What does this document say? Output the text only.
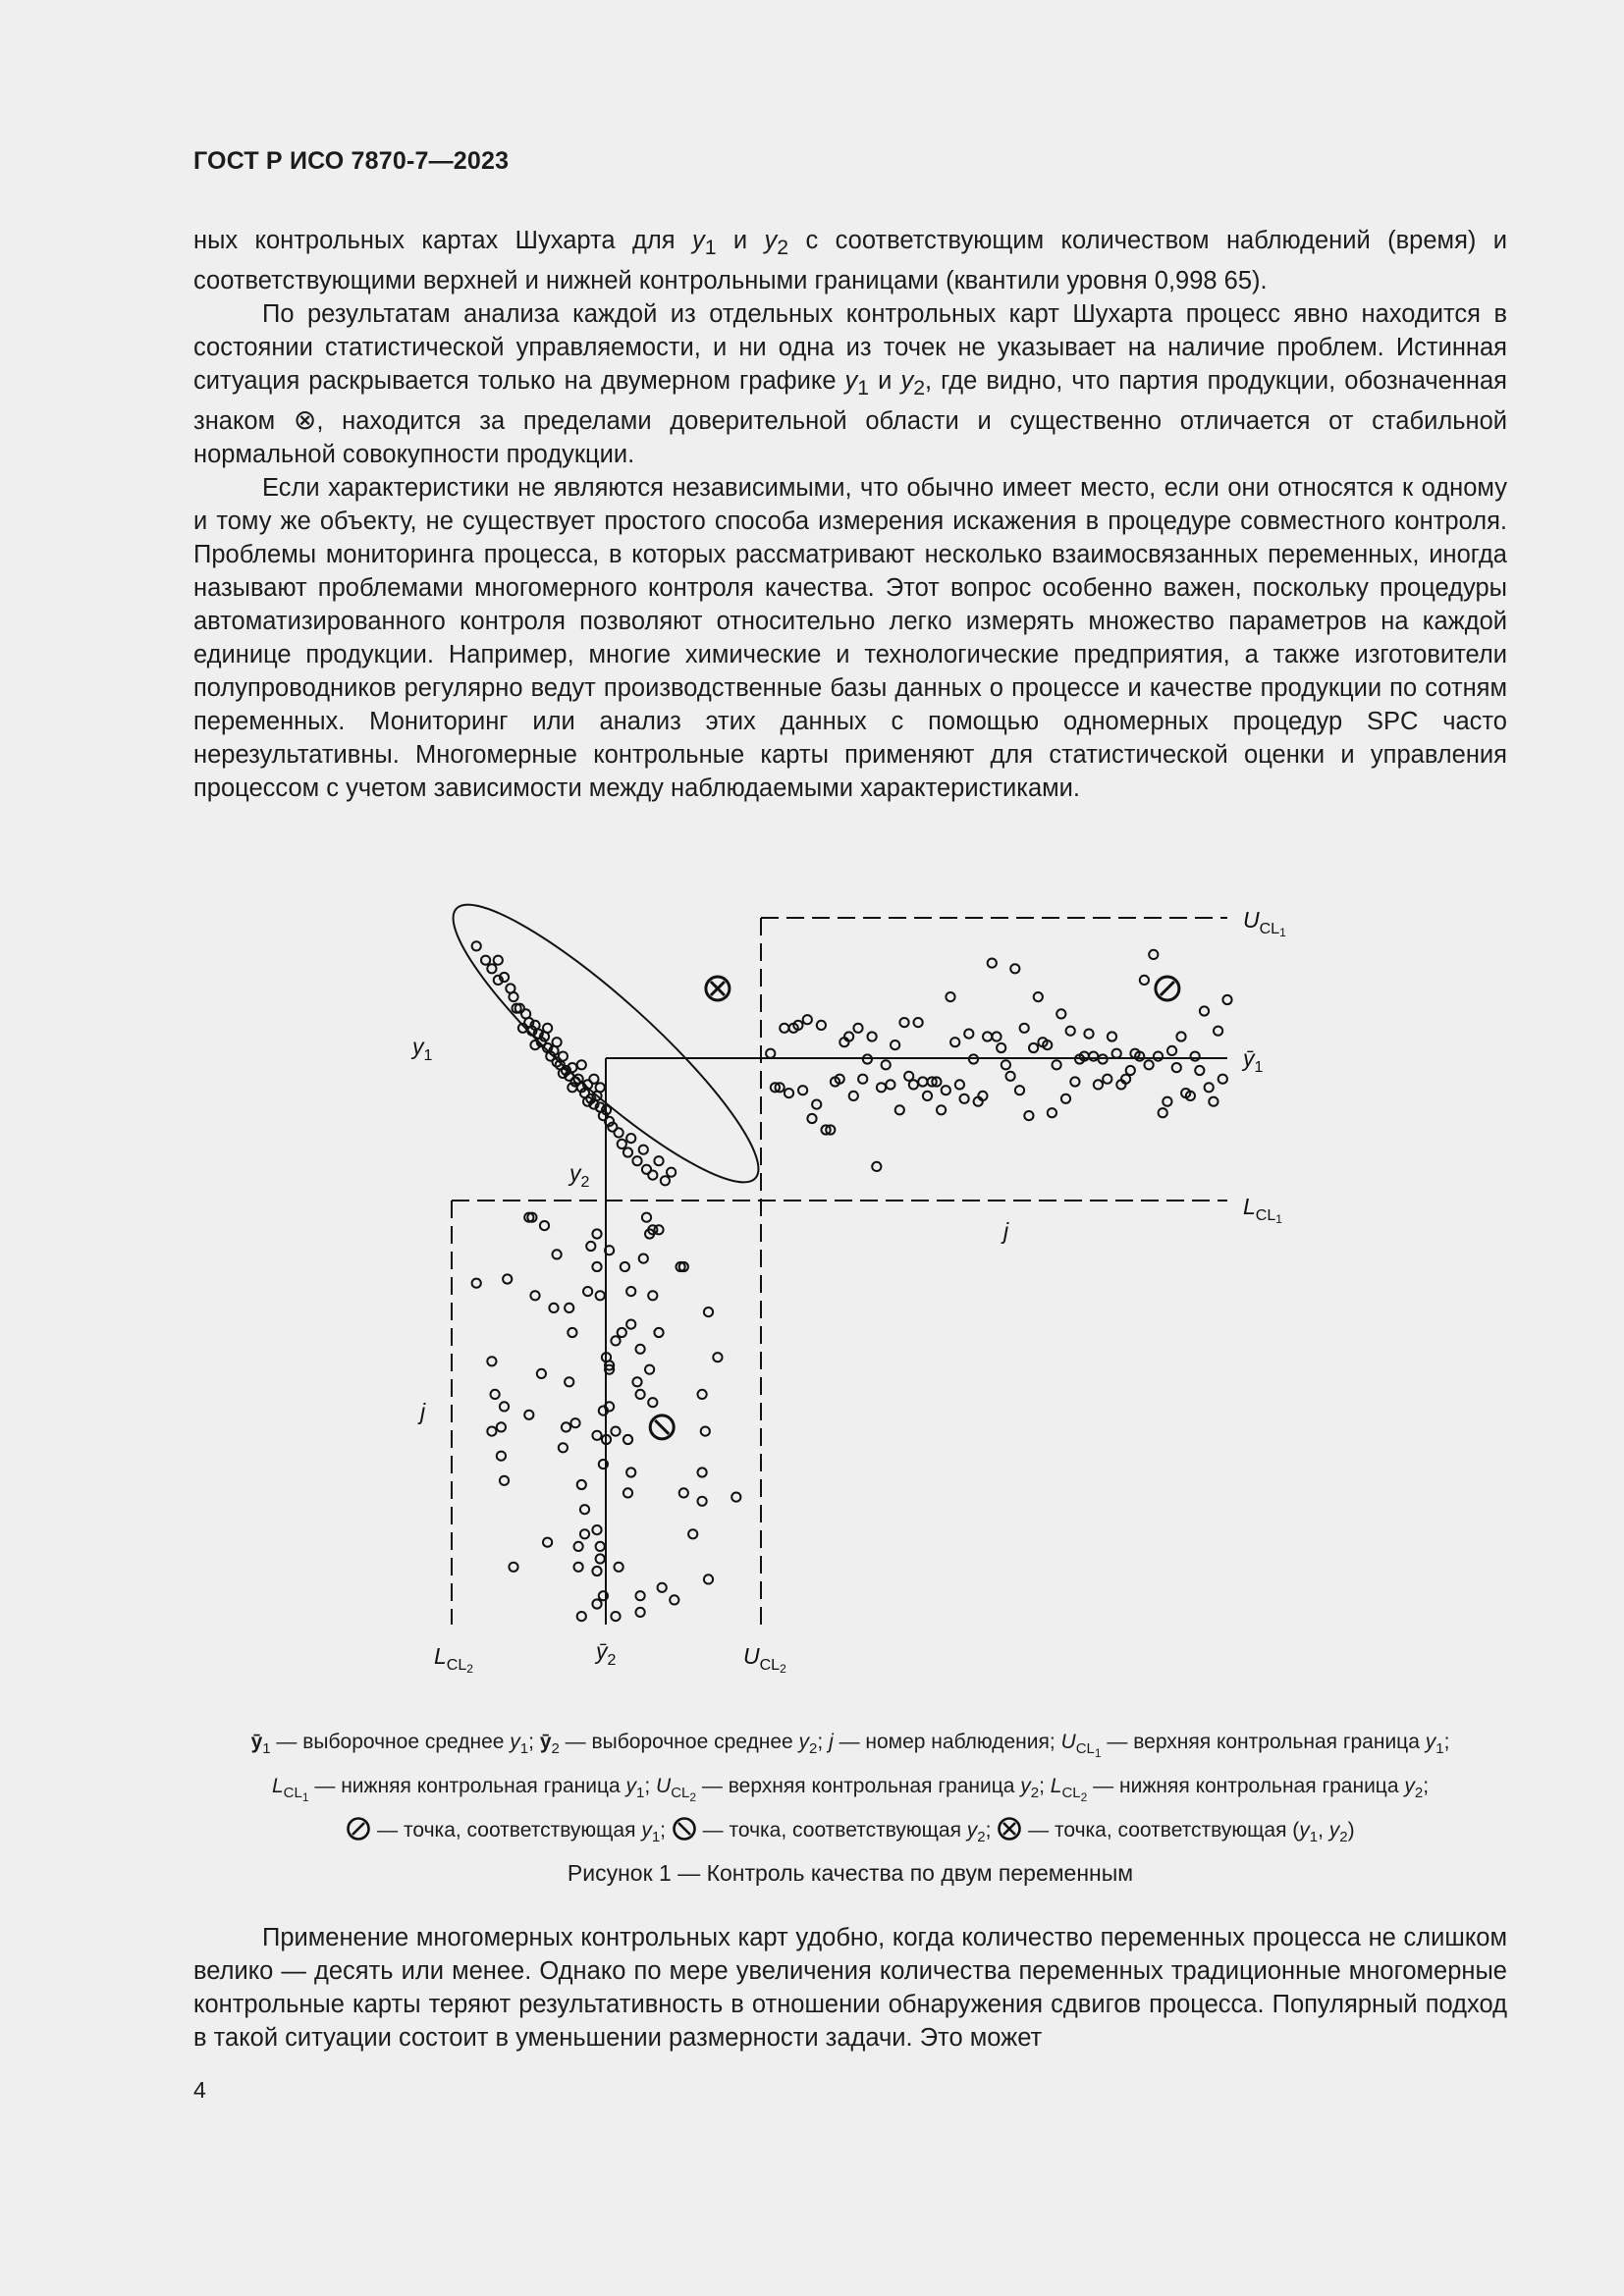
ГОСТ Р ИСО 7870-7—2023

ных контрольных картах Шухарта для $y_1$ и $y_2$ с соответствующим количеством наблюдений (время) и соответствующими верхней и нижней контрольными границами (квантили уровня 0,998 65).

По результатам анализа каждой из отдельных контрольных карт Шухарта процесс явно находится в состоянии статистической управляемости, и ни одна из точек не указывает на наличие проблем. Истинная ситуация раскрывается только на двумерном графике $y_1$ и $y_2$, где видно, что партия продукции, обозначенная знаком ⊗, находится за пределами доверительной области и существенно отличается от стабильной нормальной совокупности продукции.

Если характеристики не являются независимыми, что обычно имеет место, если они относятся к одному и тому же объекту, не существует простого способа измерения искажения в процедуре совместного контроля. Проблемы мониторинга процесса, в которых рассматривают несколько взаимосвязанных переменных, иногда называют проблемами многомерного контроля качества. Этот вопрос особенно важен, поскольку процедуры автоматизированного контроля позволяют относительно легко измерять множество параметров на каждой единице продукции. Например, многие химические и технологические предприятия, а также изготовители полупроводников регулярно ведут производственные базы данных о процессе и качестве продукции по сотням переменных. Мониторинг или анализ этих данных с помощью одномерных процедур SPC часто нерезультативны. Многомерные контрольные карты применяют для статистической оценки и управления процессом с учетом зависимости между наблюдаемыми характеристиками.

$U_{CL}1$
$L_{CL}1$
$U_{CL}2$
$L_{CL}2$
$y_1$
$y_2$
$ȳ_1$
$ȳ_2$
j
j
$ȳ_1$ — выборочное среднее $y_1$; $ȳ_2$ — выборочное среднее $y_2$; j — номер наблюдения; $U_{CL1}$ — верхняя контрольная граница $y_1$;
$L_{CL1}$ — нижняя контрольная граница $y_1$; $U_{CL2}$ — верхняя контрольная граница $y_2$; $L_{CL2}$ — нижняя контрольная граница $y_2$;
— точка, соответствующая $y_1$;  — точка, соответствующая $y_2$;  — точка, соответствующая ($y_1$, $y_2$)
Рисунок 1 — Контроль качества по двум переменным

Применение многомерных контрольных карт удобно, когда количество переменных процесса не слишком велико — десять или менее. Однако по мере увеличения количества переменных традиционные многомерные контрольные карты теряют результативность в отношении обнаружения сдвигов процесса. Популярный подход в такой ситуации состоит в уменьшении размерности задачи. Это может

4
